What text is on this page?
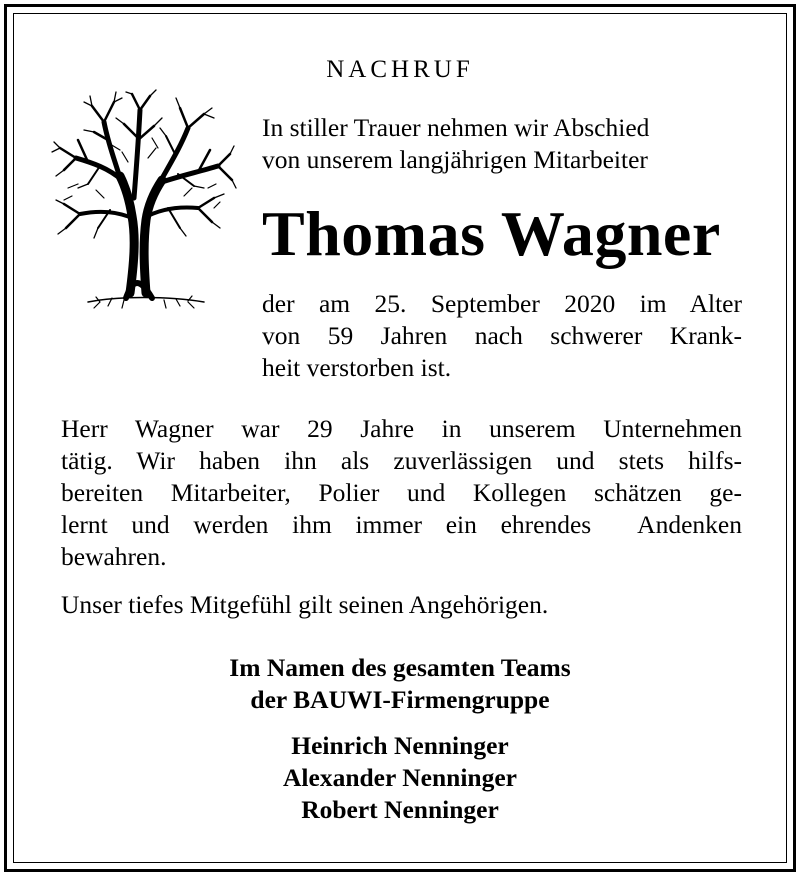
NACHRUF
In stiller Trauer nehmen wir Abschied
von unserem langjährigen Mitarbeiter
Thomas Wagner
der am 25. September 2020 im Alter
von 59 Jahren nach schwerer Krank-
heit verstorben ist.
Herr Wagner war 29 Jahre in unserem Unternehmen
tätig. Wir haben ihn als zuverlässigen und stets hilfs-
bereiten Mitarbeiter, Polier und Kollegen schätzen ge-
lernt und werden ihm immer ein ehrendes  Andenken
bewahren.
Unser tiefes Mitgefühl gilt seinen Angehörigen.
Im Namen des gesamten Teams
der BAUWI-Firmengruppe
Heinrich Nenninger
Alexander Nenninger
Robert Nenninger
